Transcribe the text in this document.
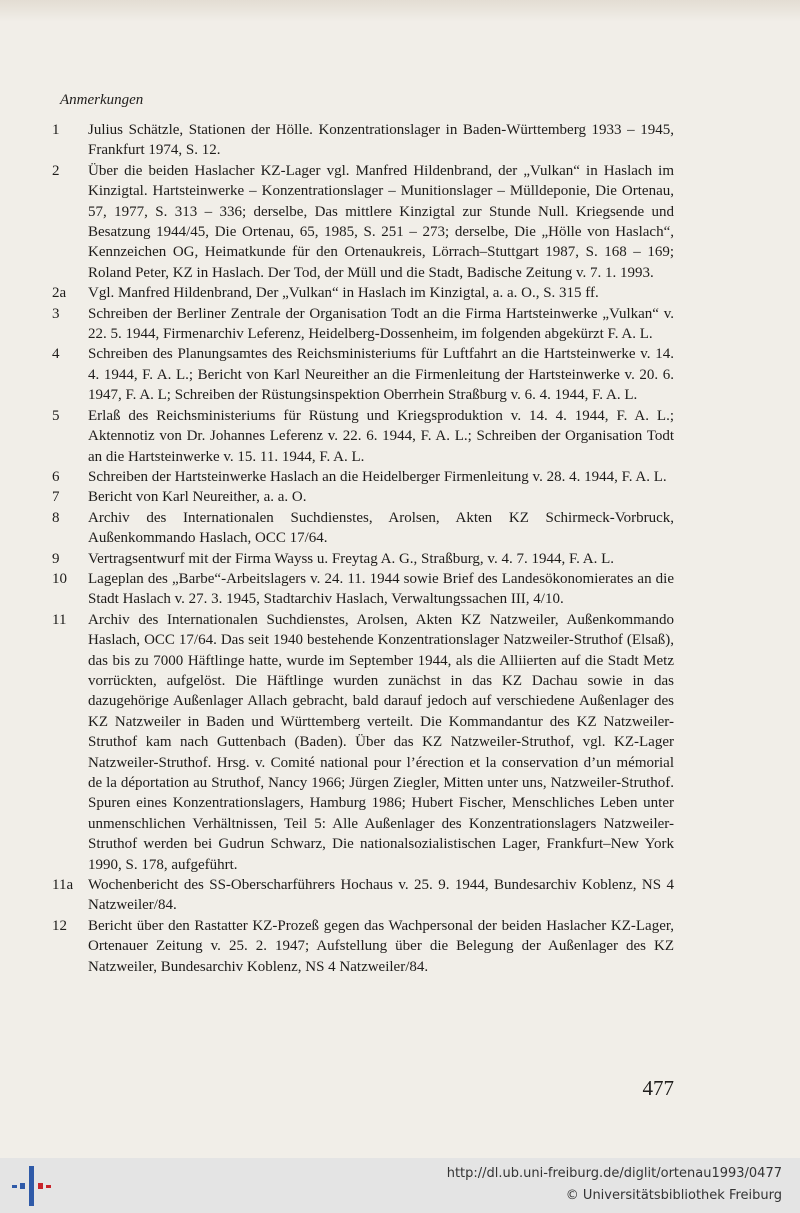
Anmerkungen
1	Julius Schätzle, Stationen der Hölle. Konzentrationslager in Baden-Württemberg 1933 – 1945, Frankfurt 1974, S. 12.
2	Über die beiden Haslacher KZ-Lager vgl. Manfred Hildenbrand, der „Vulkan“ in Haslach im Kinzigtal. Hartsteinwerke – Konzentrationslager – Munitionslager – Mülldeponie, Die Ortenau, 57, 1977, S. 313 – 336; derselbe, Das mittlere Kinzigtal zur Stunde Null. Kriegsende und Besatzung 1944/45, Die Ortenau, 65, 1985, S. 251 – 273; derselbe, Die „Hölle von Haslach“, Kennzeichen OG, Heimatkunde für den Ortenaukreis, Lörrach–Stuttgart 1987, S. 168 – 169; Roland Peter, KZ in Haslach. Der Tod, der Müll und die Stadt, Badische Zeitung v. 7. 1. 1993.
2a	Vgl. Manfred Hildenbrand, Der „Vulkan“ in Haslach im Kinzigtal, a. a. O., S. 315 ff.
3	Schreiben der Berliner Zentrale der Organisation Todt an die Firma Hartsteinwerke „Vulkan“ v. 22. 5. 1944, Firmenarchiv Leferenz, Heidelberg-Dossenheim, im folgenden abgekürzt F. A. L.
4	Schreiben des Planungsamtes des Reichsministeriums für Luftfahrt an die Hartsteinwerke v. 14. 4. 1944, F. A. L.; Bericht von Karl Neureither an die Firmenleitung der Hartsteinwerke v. 20. 6. 1947, F. A. L; Schreiben der Rüstungsinspektion Oberrhein Straßburg v. 6. 4. 1944, F. A. L.
5	Erlaß des Reichsministeriums für Rüstung und Kriegsproduktion v. 14. 4. 1944, F. A. L.; Aktennotiz von Dr. Johannes Leferenz v. 22. 6. 1944, F. A. L.; Schreiben der Organisation Todt an die Hartsteinwerke v. 15. 11. 1944, F. A. L.
6	Schreiben der Hartsteinwerke Haslach an die Heidelberger Firmenleitung v. 28. 4. 1944, F. A. L.
7	Bericht von Karl Neureither, a. a. O.
8	Archiv des Internationalen Suchdienstes, Arolsen, Akten KZ Schirmeck-Vorbruck, Außenkommando Haslach, OCC 17/64.
9	Vertragsentwurf mit der Firma Wayss u. Freytag A. G., Straßburg, v. 4. 7. 1944, F. A. L.
10	Lageplan des „Barbe“-Arbeitslagers v. 24. 11. 1944 sowie Brief des Landesökonomierates an die Stadt Haslach v. 27. 3. 1945, Stadtarchiv Haslach, Verwaltungssachen III, 4/10.
11	Archiv des Internationalen Suchdienstes, Arolsen, Akten KZ Natzweiler, Außenkommando Haslach, OCC 17/64. Das seit 1940 bestehende Konzentrationslager Natzweiler-Struthof (Elsaß), das bis zu 7000 Häftlinge hatte, wurde im September 1944, als die Alliierten auf die Stadt Metz vorrückten, aufgelöst. Die Häftlinge wurden zunächst in das KZ Dachau sowie in das dazugehörige Außenlager Allach gebracht, bald darauf jedoch auf verschiedene Außenlager des KZ Natzweiler in Baden und Württemberg verteilt. Die Kommandantur des KZ Natzweiler-Struthof kam nach Guttenbach (Baden). Über das KZ Natzweiler-Struthof, vgl. KZ-Lager Natzweiler-Struthof. Hrsg. v. Comité national pour l’érection et la conservation d’un mémorial de la déportation au Struthof, Nancy 1966; Jürgen Ziegler, Mitten unter uns, Natzweiler-Struthof. Spuren eines Konzentrationslagers, Hamburg 1986; Hubert Fischer, Menschliches Leben unter unmenschlichen Verhältnissen, Teil 5: Alle Außenlager des Konzentrationslagers Natzweiler-Struthof werden bei Gudrun Schwarz, Die nationalsozialistischen Lager, Frankfurt–New York 1990, S. 178, aufgeführt.
11a Wochenbericht des SS-Oberscharführers Hochaus v. 25. 9. 1944, Bundesarchiv Koblenz, NS 4 Natzweiler/84.
12	Bericht über den Rastatter KZ-Prozeß gegen das Wachpersonal der beiden Haslacher KZ-Lager, Ortenauer Zeitung v. 25. 2. 1947; Aufstellung über die Belegung der Außenlager des KZ Natzweiler, Bundesarchiv Koblenz, NS 4 Natzweiler/84.
477
http://dl.ub.uni-freiburg.de/diglit/ortenau1993/0477
© Universitätsbibliothek Freiburg
